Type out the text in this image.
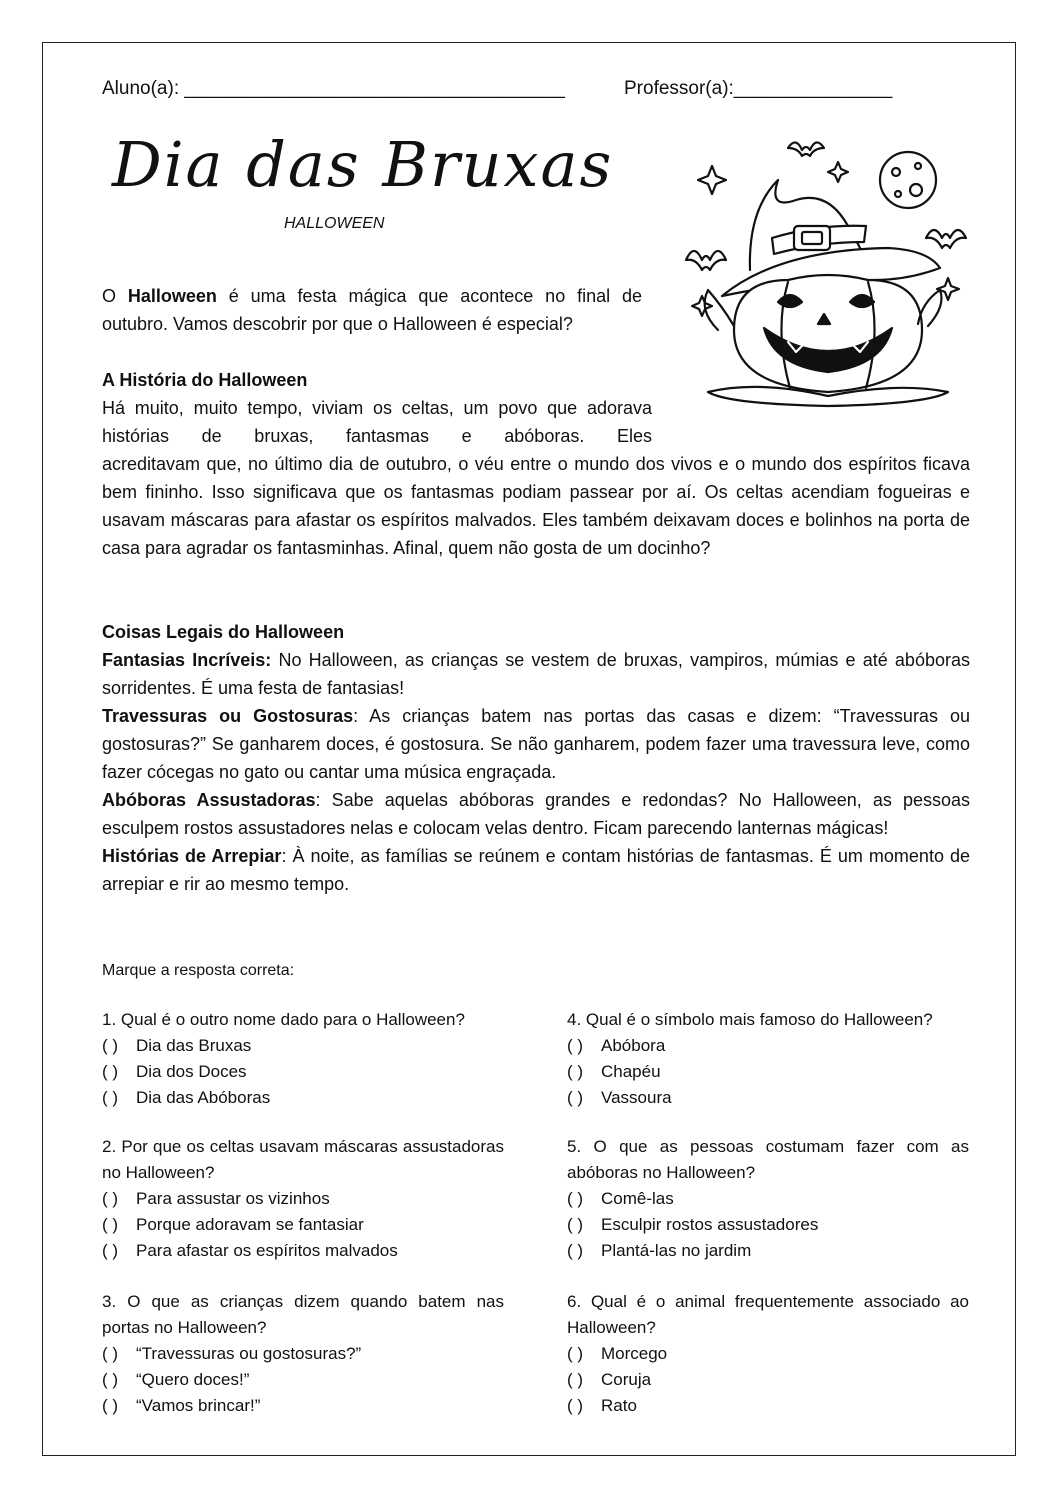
Aluno(a): ____________________________________	Professor(a):_______________
Dia das Bruxas
HALLOWEEN
O Halloween é uma festa mágica que acontece no final de outubro. Vamos descobrir por que o Halloween é especial?
A História do Halloween
Há muito, muito tempo, viviam os celtas, um povo que adorava histórias de bruxas, fantasmas e abóboras. Eles
acreditavam que, no último dia de outubro, o véu entre o mundo dos vivos e o mundo dos espíritos ficava bem fininho. Isso significava que os fantasmas podiam passear por aí. Os celtas acendiam fogueiras e usavam máscaras para afastar os espíritos malvados. Eles também deixavam doces e bolinhos na porta de casa para agradar os fantasminhas. Afinal, quem não gosta de um docinho?

Coisas Legais do Halloween

Fantasias Incríveis: No Halloween, as crianças se vestem de bruxas, vampiros, múmias e até abóboras sorridentes. É uma festa de fantasias!

Travessuras ou Gostosuras: As crianças batem nas portas das casas e dizem: “Travessuras ou gostosuras?” Se ganharem doces, é gostosura. Se não ganharem, podem fazer uma travessura leve, como fazer cócegas no gato ou cantar uma música engraçada.

Abóboras Assustadoras: Sabe aquelas abóboras grandes e redondas? No Halloween, as pessoas esculpem rostos assustadores nelas e colocam velas dentro. Ficam parecendo lanternas mágicas!

Histórias de Arrepiar: À noite, as famílias se reúnem e contam histórias de fantasmas. É um momento de arrepiar e rir ao mesmo tempo.

Marque a resposta correta:
1. Qual é o outro nome dado para o Halloween?
( ) Dia das Bruxas
( ) Dia dos Doces
( ) Dia das Abóboras
2. Por que os celtas usavam máscaras assustadoras no Halloween?
( ) Para assustar os vizinhos
( ) Porque adoravam se fantasiar
( ) Para afastar os espíritos malvados
3. O que as crianças dizem quando batem nas portas no Halloween?
( ) “Travessuras ou gostosuras?”
( ) “Quero doces!”
( ) “Vamos brincar!”
4. Qual é o símbolo mais famoso do Halloween?
( ) Abóbora
( ) Chapéu
( ) Vassoura
5. O que as pessoas costumam fazer com as abóboras no Halloween?
( ) Comê-las
( ) Esculpir rostos assustadores
( ) Plantá-las no jardim
6. Qual é o animal frequentemente associado ao Halloween?
( ) Morcego
( ) Coruja
( ) Rato
